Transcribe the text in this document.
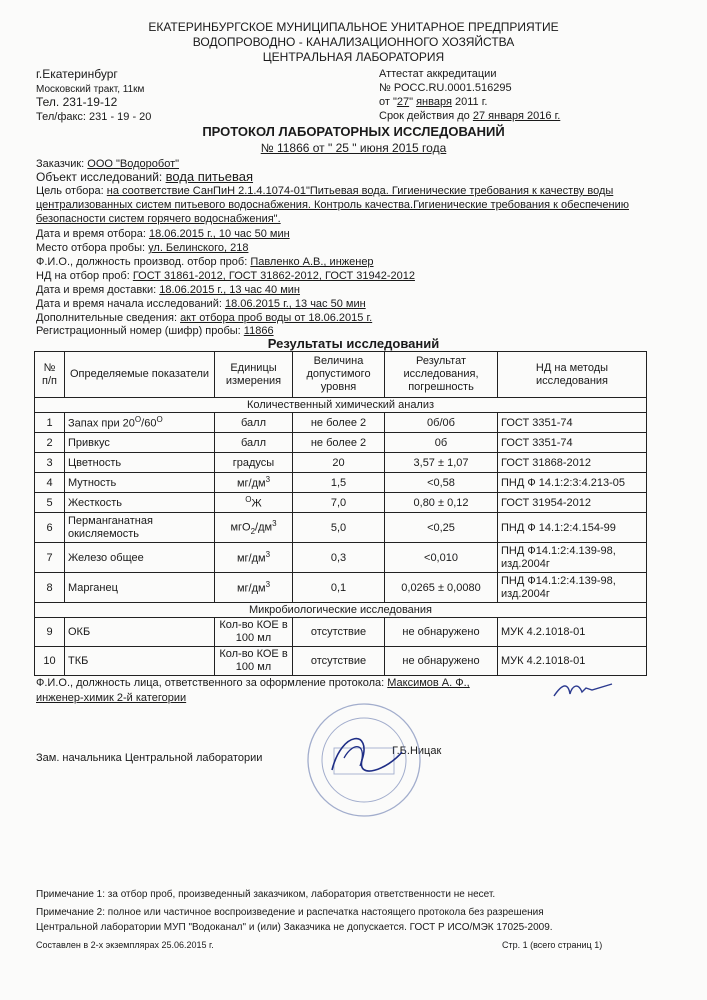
ЕКАТЕРИНБУРГСКОЕ МУНИЦИПАЛЬНОЕ УНИТАРНОЕ ПРЕДПРИЯТИЕ
ВОДОПРОВОДНО - КАНАЛИЗАЦИОННОГО ХОЗЯЙСТВА
ЦЕНТРАЛЬНАЯ ЛАБОРАТОРИЯ
г.Екатеринбург
Московский тракт, 11км
Тел. 231-19-12
Тел/факс: 231 - 19 - 20
Аттестат аккредитации
№ РОСС.RU.0001.516295
от "27" января 2011 г.
Срок действия до 27 января 2016 г.
ПРОТОКОЛ ЛАБОРАТОРНЫХ ИССЛЕДОВАНИЙ
№ 11866 от " 25 " июня 2015 года
Заказчик: ООО "Водоробот"
Объект исследований: вода питьевая
Цель отбора: на соответствие СанПиН 2.1.4.1074-01"Питьевая вода. Гигиенические требования к качеству воды централизованных систем питьевого водоснабжения. Контроль качества.Гигиенические требования к обеспечению безопасности систем горячего водоснабжения".
Дата и время отбора: 18.06.2015 г., 10 час 50 мин
Место отбора пробы: ул. Белинского, 218
Ф.И.О., должность производ. отбор проб: Павленко А.В., инженер
НД на отбор проб: ГОСТ 31861-2012, ГОСТ 31862-2012, ГОСТ 31942-2012
Дата и время доставки: 18.06.2015 г., 13 час 40 мин
Дата и время начала исследований: 18.06.2015 г., 13 час 50 мин
Дополнительные сведения: акт отбора проб воды от 18.06.2015 г.
Регистрационный номер (шифр) пробы: 11866
Результаты исследований
№ п/п	Определяемые показатели	Единицы измерения	Величина допустимого уровня	Результат исследования, погрешность	НД на методы исследования
Количественный химический анализ					
1	Запах при $20^О/60^О$	балл	не более 2	0б/0б	ГОСТ 3351-74
2	Привкус	балл	не более 2	0б	ГОСТ 3351-74
3	Цветность	градусы	20	3,57 ± 1,07	ГОСТ 31868-2012
4	Мутность	$мг/дм^3$	1,5	<0,58	ПНД Ф 14.1:2:3:4.213-05
5	Жесткость	$^О$Ж	7,0	0,80 ± 0,12	ГОСТ 31954-2012
6	Перманганатная окисляемость	$мгО_2/дм^3$	5,0	<0,25	ПНД Ф 14.1:2:4.154-99
7	Железо общее	$мг/дм^3$	0,3	<0,010	ПНД Ф14.1:2:4.139-98, изд.2004г
8	Марганец	$мг/дм^3$	0,1	0,0265 ± 0,0080	ПНД Ф14.1:2:4.139-98, изд.2004г
Микробиологические исследования					
9	ОКБ	Кол-во КОЕ в 100 мл	отсутствие	не обнаружено	МУК 4.2.1018-01
10	ТКБ	Кол-во КОЕ в 100 мл	отсутствие	не обнаружено	МУК 4.2.1018-01
Ф.И.О., должность лица, ответственного за оформление протокола: Максимов А. Ф.,
инженер-химик 2-й категории
Зам. начальника Центральной лаборатории
Г.Б.Ницак
Примечание 1: за отбор проб, произведенный заказчиком, лаборатория ответственности не несет.
Примечание 2: полное или частичное воспроизведение и распечатка настоящего протокола без разрешения
Центральной лаборатории МУП "Водоканал" и (или) Заказчика не допускается. ГОСТ Р ИСО/МЭК 17025-2009.
Составлен в 2-х экземплярах 25.06.2015 г.	Стр. 1 (всего страниц 1)
